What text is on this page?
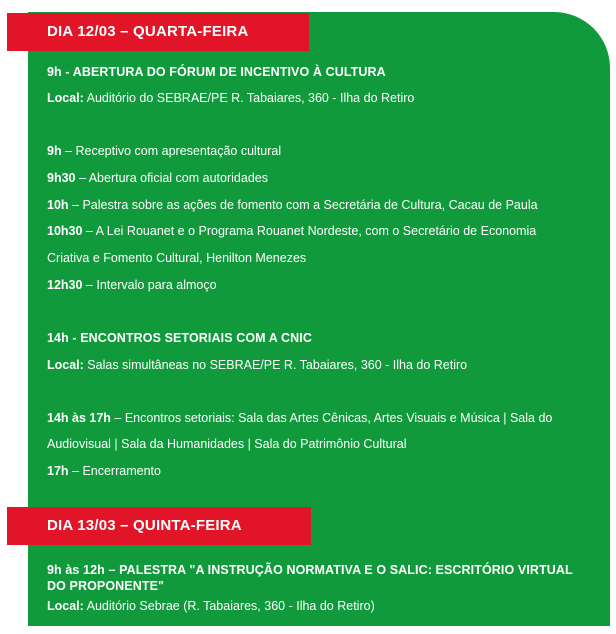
DIA 12/03 – QUARTA-FEIRA
9h - ABERTURA DO FÓRUM DE INCENTIVO À CULTURA
Local: Auditório do SEBRAE/PE R. Tabaiares, 360 - Ilha do Retiro
9h – Receptivo com apresentação cultural
9h30 – Abertura oficial com autoridades
10h – Palestra sobre as ações de fomento com a Secretária de Cultura, Cacau de Paula
10h30 – A Lei Rouanet e o Programa Rouanet Nordeste, com o Secretário de Economia
Criativa e Fomento Cultural, Henilton Menezes
12h30 – Intervalo para almoço
14h - ENCONTROS SETORIAIS COM A CNIC
Local: Salas simultâneas no SEBRAE/PE R. Tabaiares, 360 - Ilha do Retiro
14h às 17h – Encontros setoriais: Sala das Artes Cênicas, Artes Visuais e Música | Sala do
Audiovisual | Sala da Humanidades | Sala do Patrimônio Cultural
17h – Encerramento
DIA 13/03 – QUINTA-FEIRA
9h às 12h – PALESTRA "A INSTRUÇÃO NORMATIVA E O SALIC: ESCRITÓRIO VIRTUAL DO PROPONENTE"
Local: Auditório Sebrae (R. Tabaiares, 360 - Ilha do Retiro)
